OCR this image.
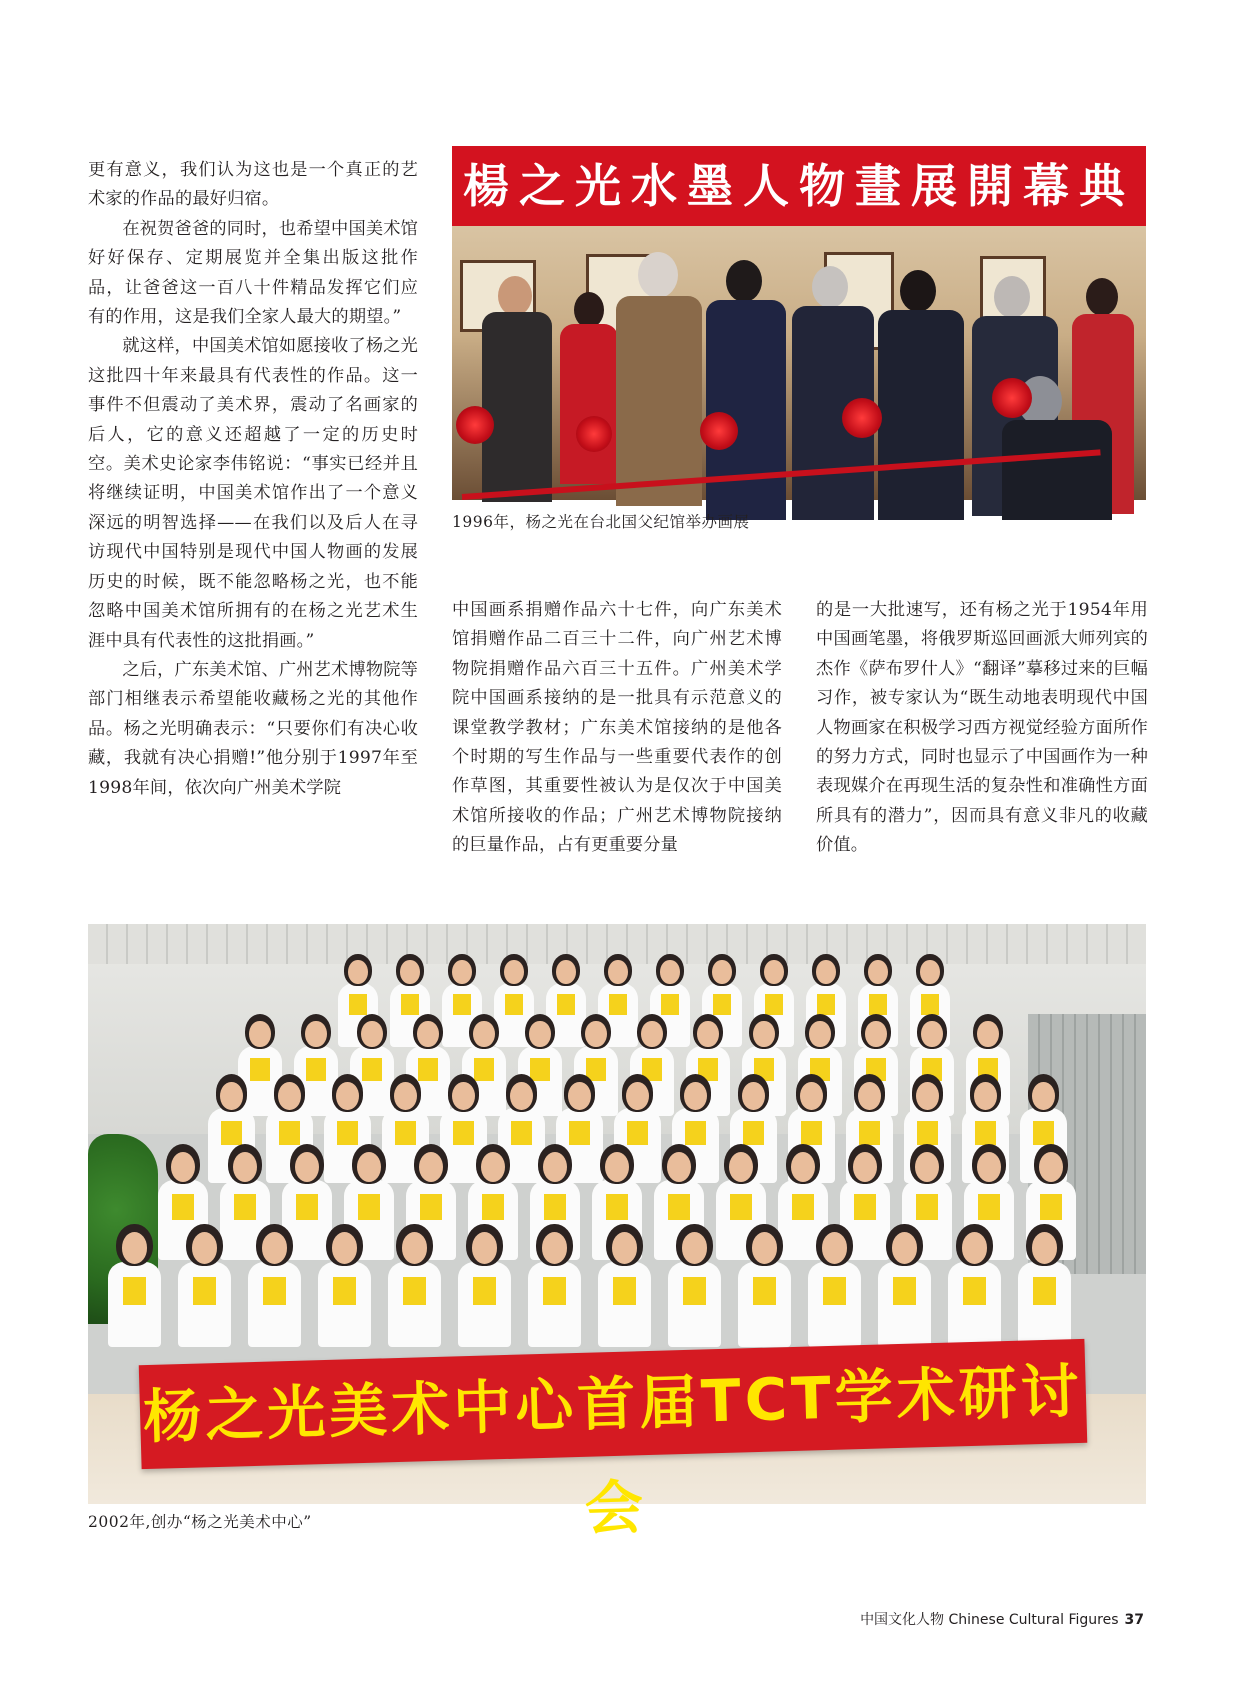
更有意义，我们认为这也是一个真正的艺术家的作品的最好归宿。

在祝贺爸爸的同时，也希望中国美术馆好好保存、定期展览并全集出版这批作品，让爸爸这一百八十件精品发挥它们应有的作用，这是我们全家人最大的期望。”

就这样，中国美术馆如愿接收了杨之光这批四十年来最具有代表性的作品。这一事件不但震动了美术界，震动了名画家的后人，它的意义还超越了一定的历史时空。美术史论家李伟铭说：“事实已经并且将继续证明，中国美术馆作出了一个意义深远的明智选择——在我们以及后人在寻访现代中国特别是现代中国人物画的发展历史的时候，既不能忽略杨之光，也不能忽略中国美术馆所拥有的在杨之光艺术生涯中具有代表性的这批捐画。”

之后，广东美术馆、广州艺术博物院等部门相继表示希望能收藏杨之光的其他作品。杨之光明确表示：“只要你们有决心收藏，我就有决心捐赠!”他分别于1997年至1998年间，依次向广州美术学院

楊之光水墨人物畫展開幕典
1996年，杨之光在台北国父纪馆举办画展

中国画系捐赠作品六十七件，向广东美术馆捐赠作品二百三十二件，向广州艺术博物院捐赠作品六百三十五件。广州美术学院中国画系接纳的是一批具有示范意义的课堂教学教材；广东美术馆接纳的是他各个时期的写生作品与一些重要代表作的创作草图，其重要性被认为是仅次于中国美术馆所接收的作品；广州艺术博物院接纳的巨量作品，占有更重要分量

的是一大批速写，还有杨之光于1954年用中国画笔墨，将俄罗斯巡回画派大师列宾的杰作《萨布罗什人》“翻译”摹移过来的巨幅习作，被专家认为“既生动地表明现代中国人物画家在积极学习西方视觉经验方面所作的努力方式，同时也显示了中国画作为一种表现媒介在再现生活的复杂性和准确性方面所具有的潜力”，因而具有意义非凡的收藏价值。

杨之光美术中心首届TCT学术研讨会
2002年,创办“杨之光美术中心”
中国文化人物 Chinese Cultural Figures 37
